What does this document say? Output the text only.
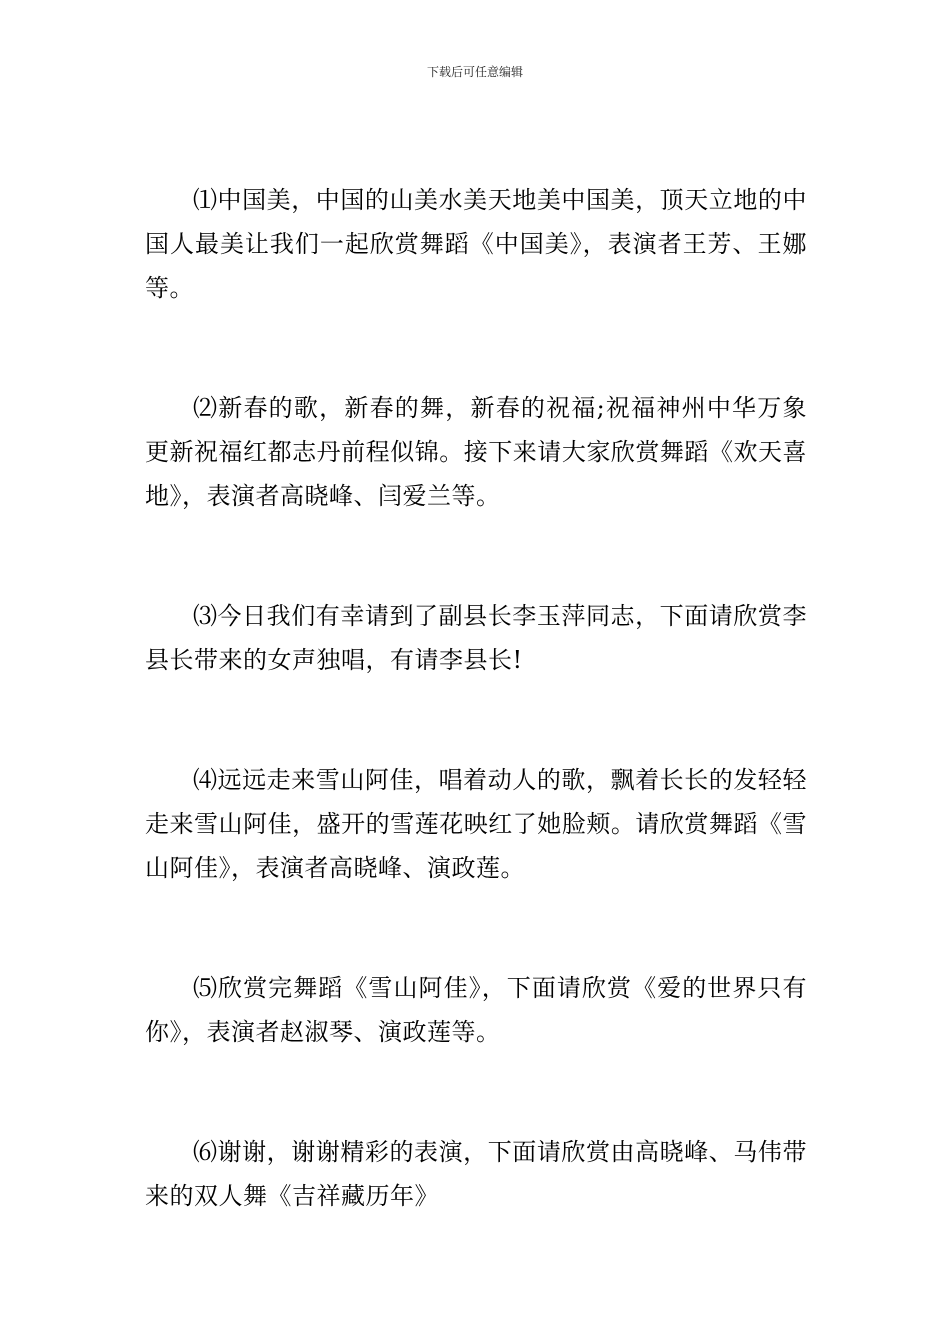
下载后可任意编辑

⑴中国美，中国的山美水美天地美中国美，顶天立地的中国人最美让我们一起欣赏舞蹈《中国美》，表演者王芳、王娜等。

⑵新春的歌，新春的舞，新春的祝福;祝福神州中华万象更新祝福红都志丹前程似锦。接下来请大家欣赏舞蹈《欢天喜地》，表演者高晓峰、闫爱兰等。

⑶今日我们有幸请到了副县长李玉萍同志，下面请欣赏李县长带来的女声独唱，有请李县长!

⑷远远走来雪山阿佳，唱着动人的歌，飘着长长的发轻轻走来雪山阿佳，盛开的雪莲花映红了她脸颊。请欣赏舞蹈《雪山阿佳》，表演者高晓峰、演政莲。

⑸欣赏完舞蹈《雪山阿佳》，下面请欣赏《爱的世界只有你》，表演者赵淑琴、演政莲等。

⑹谢谢，谢谢精彩的表演，下面请欣赏由高晓峰、马伟带来的双人舞《吉祥藏历年》
